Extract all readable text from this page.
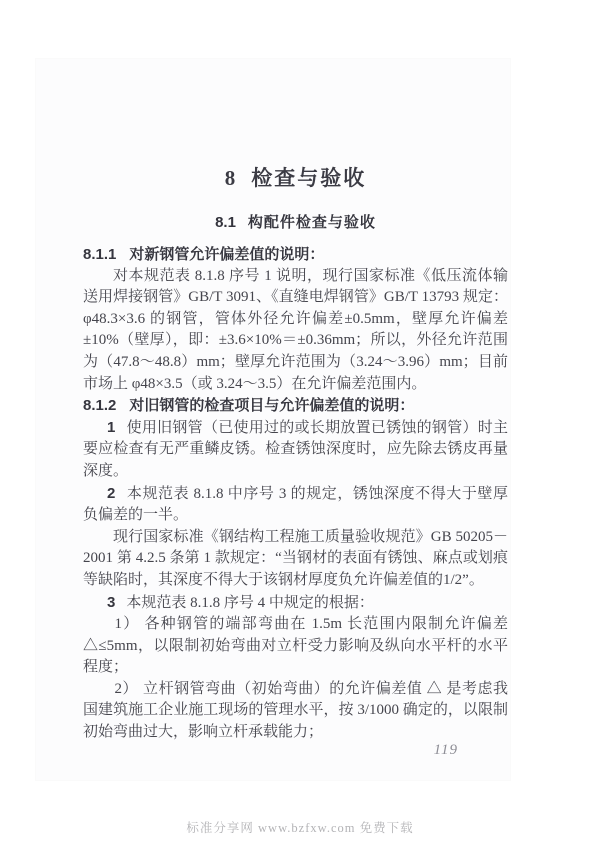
8 检查与验收
8.1 构配件检查与验收

8.1.1 对新钢管允许偏差值的说明：

对本规范表 8.1.8 序号 1 说明，现行国家标准《低压流体输送用焊接钢管》GB/T 3091、《直缝电焊钢管》GB/T 13793 规定：φ48.3×3.6 的钢管，管体外径允许偏差±0.5mm，壁厚允许偏差±10%（壁厚），即：±3.6×10%＝±0.36mm；所以，外径允许范围为（47.8～48.8）mm；壁厚允许范围为（3.24～3.96）mm；目前市场上 φ48×3.5（或 3.24～3.5）在允许偏差范围内。

8.1.2 对旧钢管的检查项目与允许偏差值的说明：

1 使用旧钢管（已使用过的或长期放置已锈蚀的钢管）时主要应检查有无严重鳞皮锈。检查锈蚀深度时，应先除去锈皮再量深度。

2 本规范表 8.1.8 中序号 3 的规定，锈蚀深度不得大于壁厚负偏差的一半。

现行国家标准《钢结构工程施工质量验收规范》GB 50205－2001 第 4.2.5 条第 1 款规定：“当钢材的表面有锈蚀、麻点或划痕等缺陷时，其深度不得大于该钢材厚度负允许偏差值的1/2”。

3 本规范表 8.1.8 序号 4 中规定的根据：

1） 各种钢管的端部弯曲在 1.5m 长范围内限制允许偏差△≤5mm，以限制初始弯曲对立杆受力影响及纵向水平杆的水平程度；

2） 立杆钢管弯曲（初始弯曲）的允许偏差值 △ 是考虑我国建筑施工企业施工现场的管理水平，按 3/1000 确定的，以限制初始弯曲过大，影响立杆承载能力；

119
标准分享网 www.bzfxw.com 免费下载
